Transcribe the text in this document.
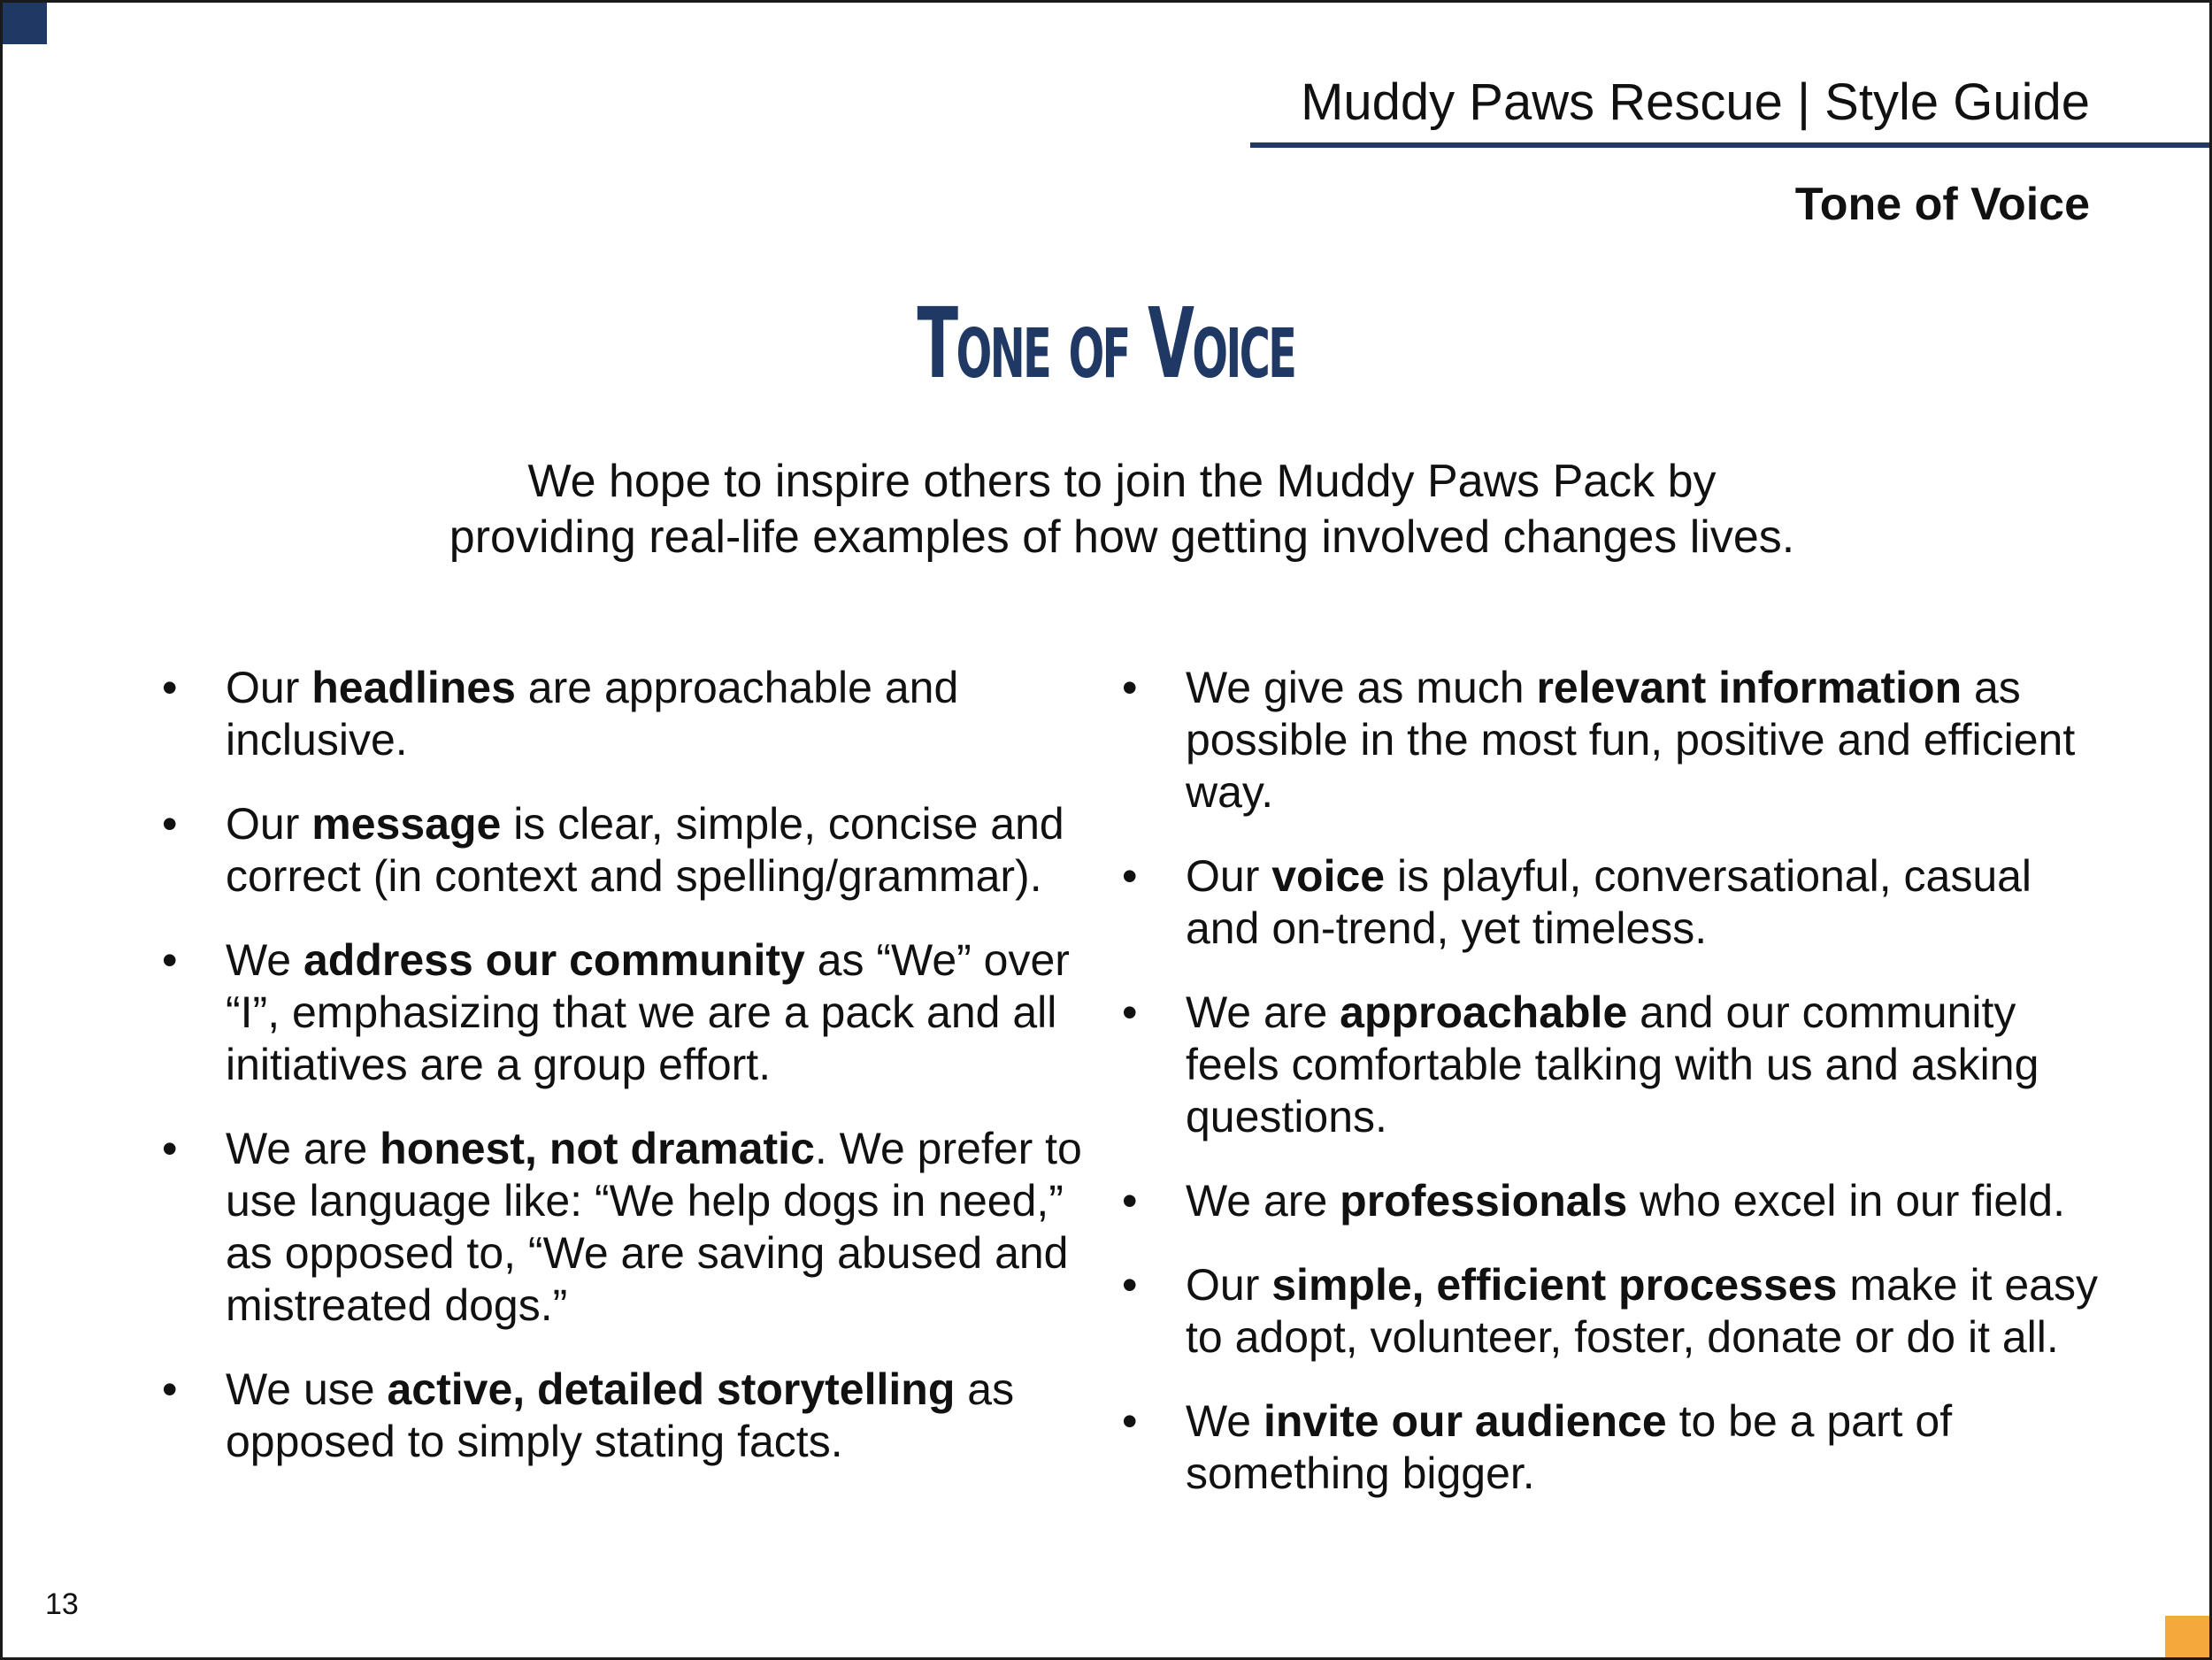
Muddy Paws Rescue | Style Guide
Tone of Voice
Tone of Voice
We hope to inspire others to join the Muddy Paws Pack by
providing real-life examples of how getting involved changes lives.
•	Our headlines are approachable and inclusive.
•	Our message is clear, simple, concise and correct (in context and spelling/grammar).
•	We address our community as “We” over “I”, emphasizing that we are a pack and all initiatives are a group effort.
•	We are honest, not dramatic. We prefer to use language like: “We help dogs in need,” as opposed to, “We are saving abused and mistreated dogs.”
•	We use active, detailed storytelling as opposed to simply stating facts.
•	We give as much relevant information as possible in the most fun, positive and efficient way.
•	Our voice is playful, conversational, casual and on-trend, yet timeless.
•	We are approachable and our community feels comfortable talking with us and asking questions.
•	We are professionals who excel in our field.
•	Our simple, efficient processes make it easy to adopt, volunteer, foster, donate or do it all.
•	We invite our audience to be a part of something bigger.
13
